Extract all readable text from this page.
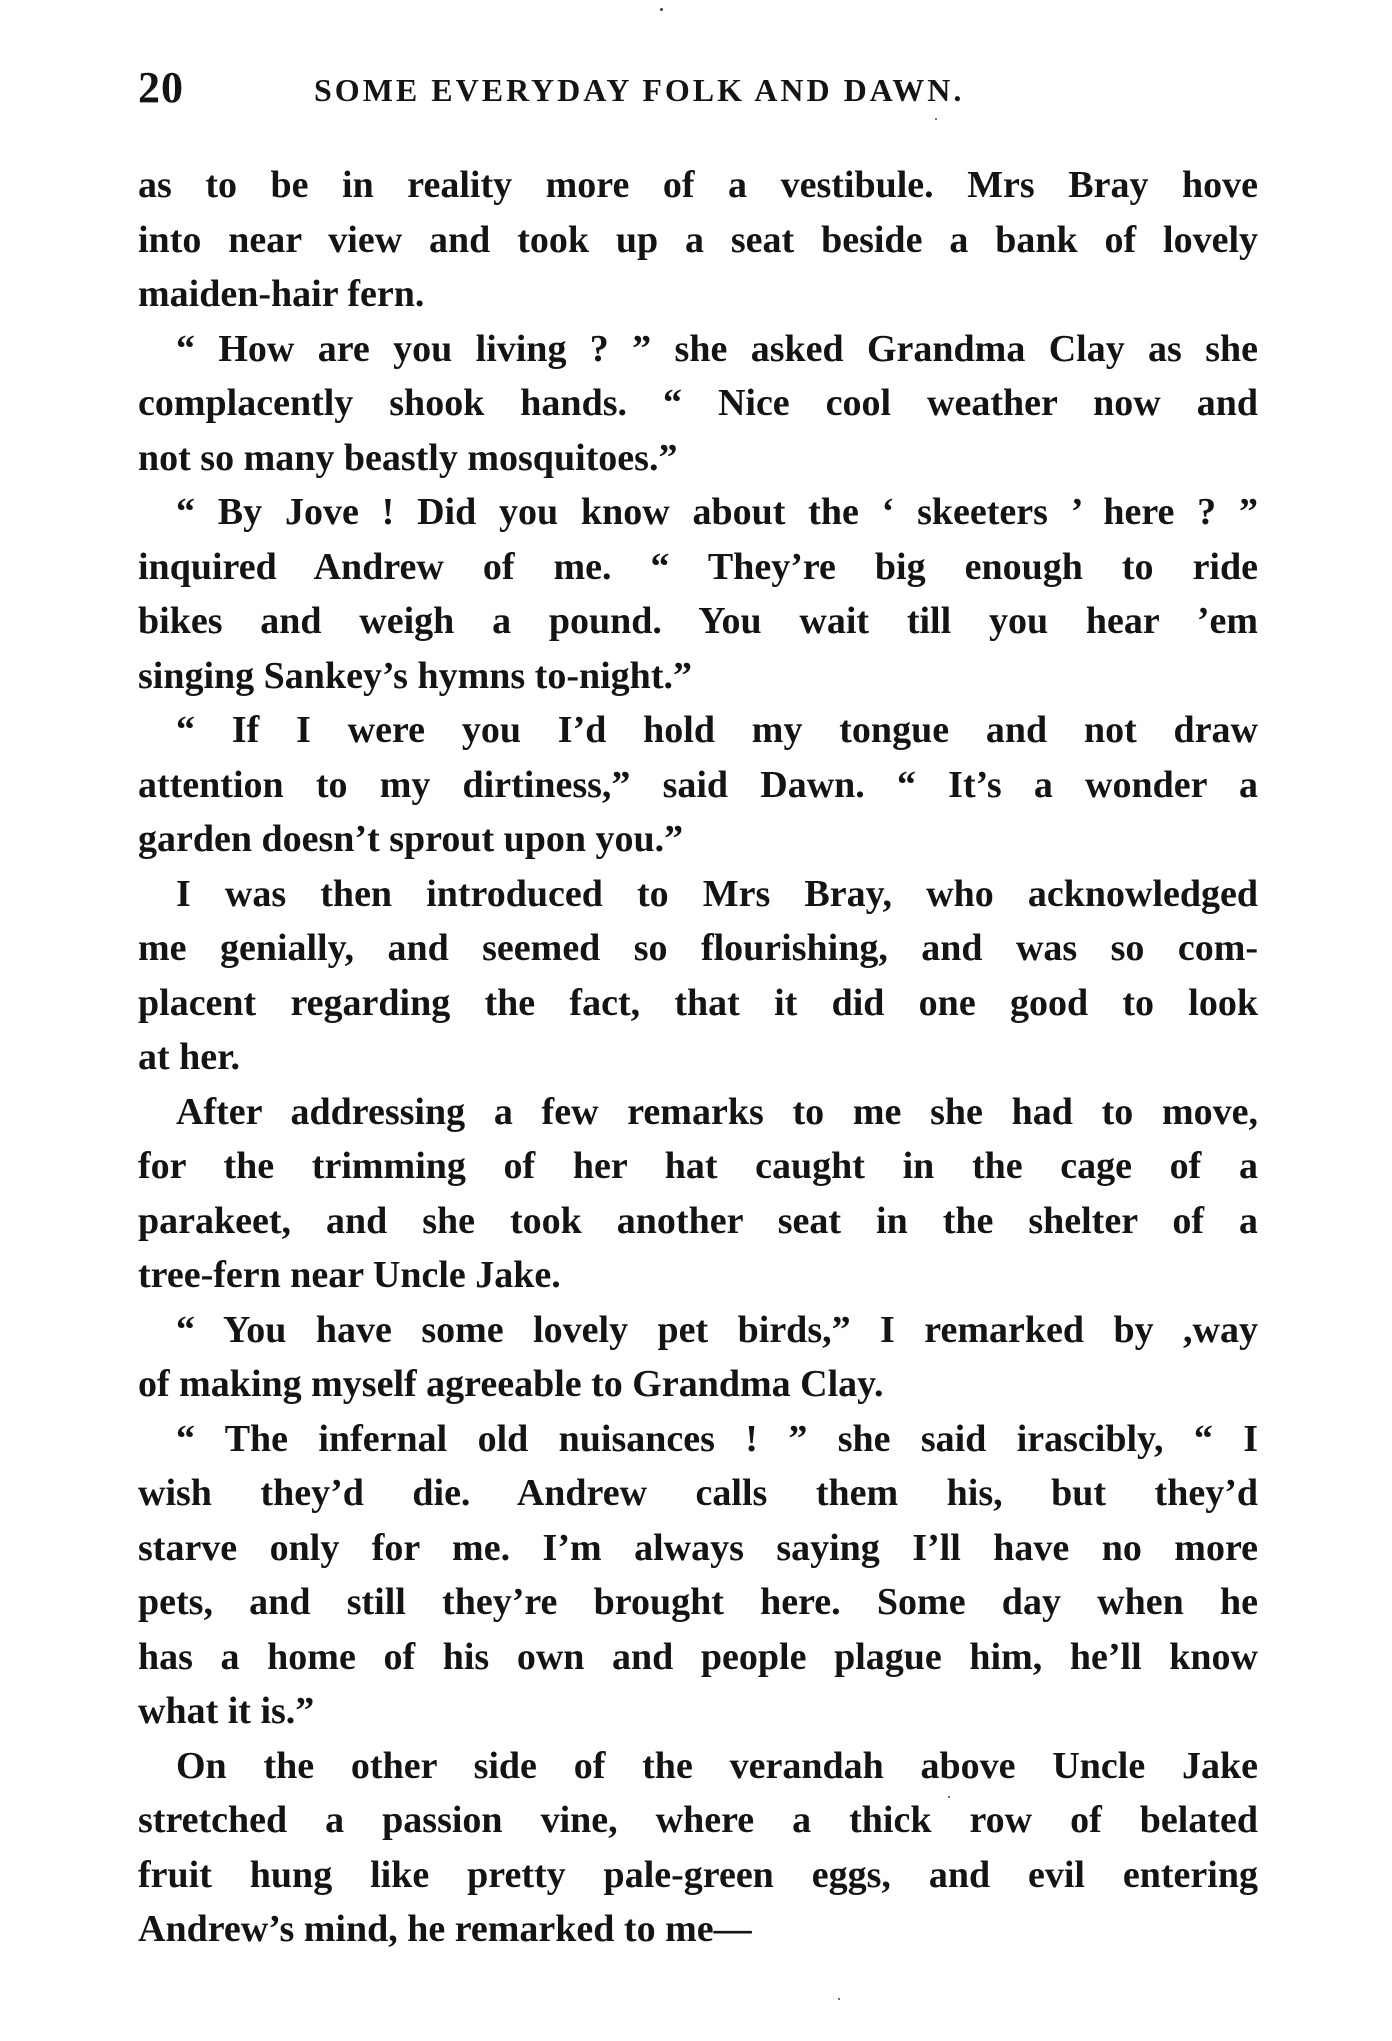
20	SOME EVERYDAY FOLK AND DAWN.
as to be in reality more of a vestibule. Mrs Bray hove
into near view and took up a seat beside a bank of lovely
maiden-hair fern.
“ How are you living ? ” she asked Grandma Clay as she
complacently shook hands. “ Nice cool weather now and
not so many beastly mosquitoes.”
“ By Jove ! Did you know about the ‘ skeeters ’ here ? ”
inquired Andrew of me. “ They’re big enough to ride
bikes and weigh a pound. You wait till you hear ’em
singing Sankey’s hymns to-night.”
“ If I were you I’d hold my tongue and not draw
attention to my dirtiness,” said Dawn. “ It’s a wonder a
garden doesn’t sprout upon you.”
I was then introduced to Mrs Bray, who acknowledged
me genially, and seemed so flourishing, and was so com-
placent regarding the fact, that it did one good to look
at her.
After addressing a few remarks to me she had to move,
for the trimming of her hat caught in the cage of a
parakeet, and she took another seat in the shelter of a
tree-fern near Uncle Jake.
“ You have some lovely pet birds,” I remarked by ,way
of making myself agreeable to Grandma Clay.
“ The infernal old nuisances ! ” she said irascibly, “ I
wish they’d die. Andrew calls them his, but they’d
starve only for me. I’m always saying I’ll have no more
pets, and still they’re brought here. Some day when he
has a home of his own and people plague him, he’ll know
what it is.”
On the other side of the verandah above Uncle Jake
stretched a passion vine, where a thick row of belated
fruit hung like pretty pale-green eggs, and evil entering
Andrew’s mind, he remarked to me—
